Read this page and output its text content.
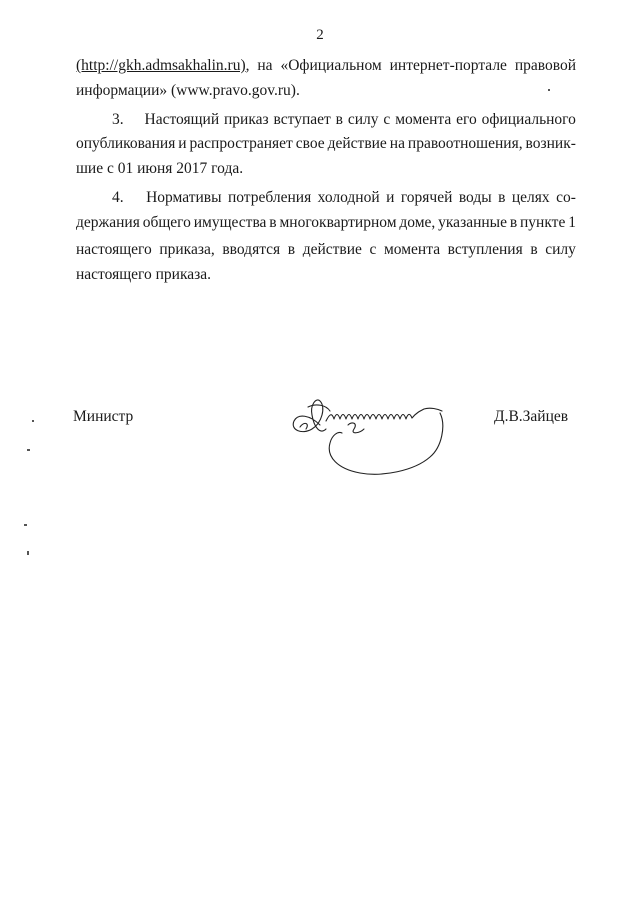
2
(http://gkh.admsakhalin.ru) , на «Официальном интернет-портале правовой
информации» (www.pravo.gov.ru).
3. Настоящий приказ вступает в силу с момента его официального
опубликования и распространяет свое действие на правоотношения, возник-
шие с 01 июня 2017 года.
4. Нормативы потребления холодной и горячей воды в целях со-
держания общего имущества в многоквартирном доме, указанные в пункте 1
настоящего приказа, вводятся в действие с момента вступления в силу
настоящего приказа.
Министр	Д.В.Зайцев
